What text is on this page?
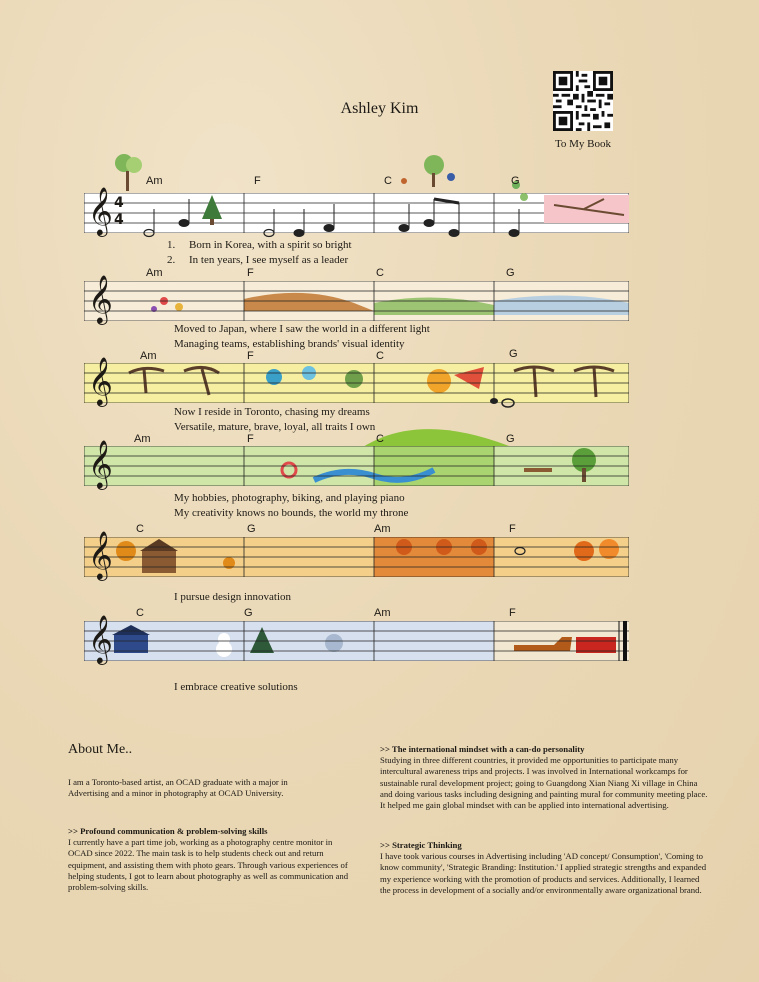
Ashley Kim
To My Book
𝄞 4
4
Am	F	C	G
1.     Born in Korea, with a spirit so bright
2.     In ten years, I see myself as a leader
𝄞
Am	F	C	G
Moved to Japan, where I saw the world in a different light
Managing teams, establishing brands' visual identity
𝄞 Am	F	C	G
Now I reside in Toronto, chasing my dreams
Versatile, mature, brave, loyal, all traits I own
𝄞 Am	F	C	G
My hobbies, photography, biking, and playing piano
My creativity knows no bounds, the world my throne
𝄞
C	G	Am	F
I pursue design innovation
𝄞
C	G	Am	F
I embrace creative solutions
About Me..
I am a Toronto-based artist, an OCAD graduate with a major in Advertising and a minor in photography at OCAD University.
>> Profound communication & problem-solving skills
I currently have a part time job, working as a photography centre monitor in OCAD since 2022. The main task is to help students check out and return equipment, and assisting them with photo gears. Through various experiences of helping students, I got to learn about photography as well as communication and problem-solving skills.
>> The international mindset with a can-do personality
Studying in three different countries, it provided me opportunities to participate many intercultural awareness trips and projects. I was involved in International workcamps for sustainable rural development project; going to Guangdong Xian Niang Xi village in China and doing various tasks including designing and painting mural for community meeting place. It helped me gain global mindset with can be applied into international advertising.
>> Strategic Thinking
I have took various courses in Advertising including 'AD concept/ Consumption', 'Coming to know community', 'Strategic Branding: Institution.' I applied strategic strengths and expanded my experience working with the promotion of products and services. Additionally, I learned the process in development of a socially and/or environmentally aware organizational brand.
